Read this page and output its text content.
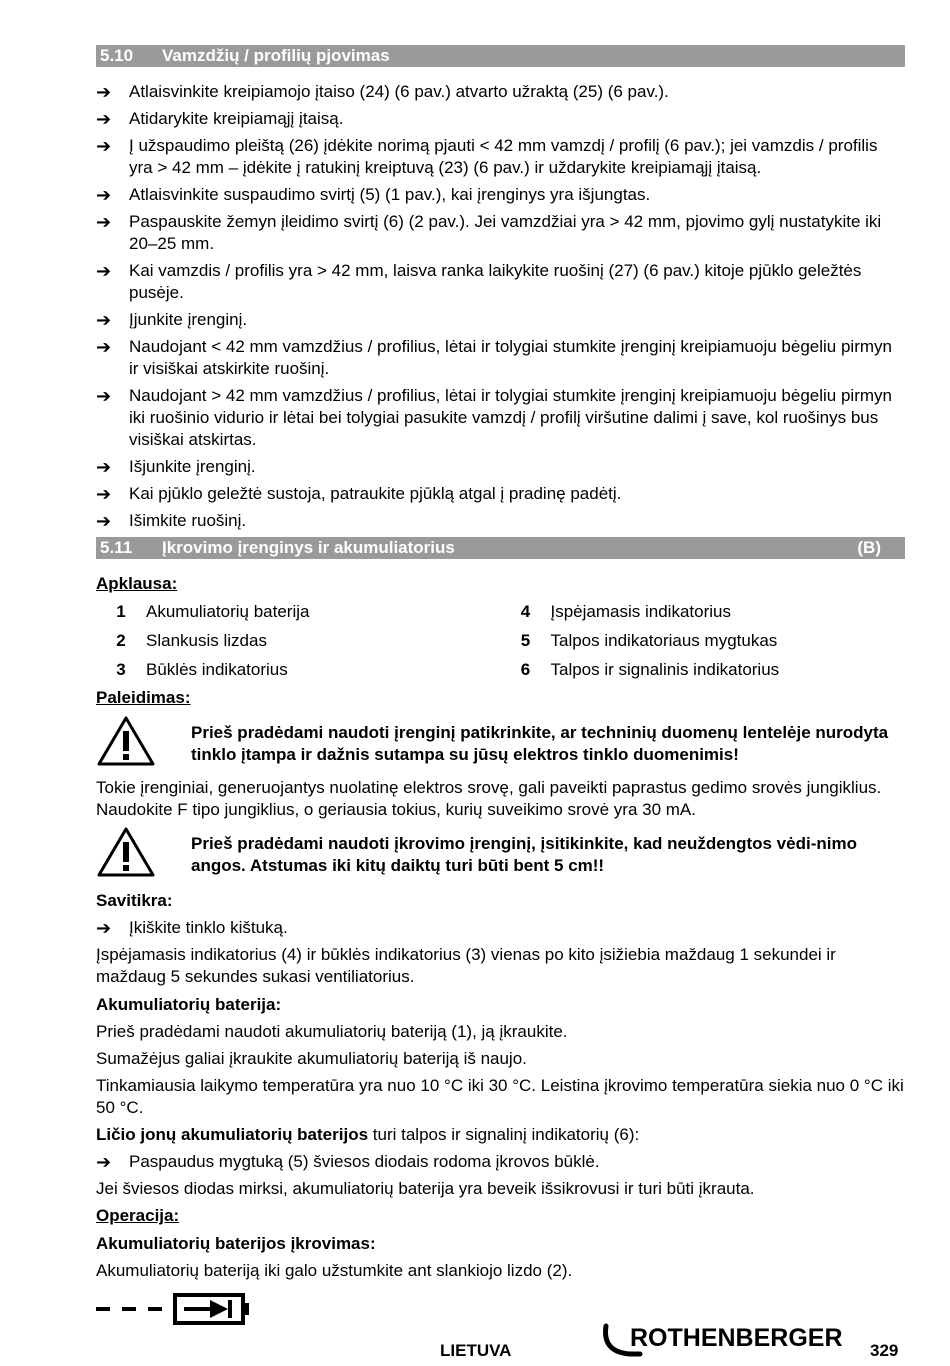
5.10	Vamzdžių / profilių pjovimas
➔	Atlaisvinkite kreipiamojo įtaiso (24) (6 pav.) atvarto užraktą (25) (6 pav.).
➔	Atidarykite kreipiamąjį įtaisą.
➔	Į užspaudimo pleištą (26) įdėkite norimą pjauti < 42 mm vamzdį / profilį (6 pav.); jei vamzdis / profilis yra > 42 mm – įdėkite į ratukinį kreiptuvą (23) (6 pav.) ir uždarykite kreipiamąjį įtaisą.
➔	Atlaisvinkite suspaudimo svirtį (5) (1 pav.), kai įrenginys yra išjungtas.
➔	Paspauskite žemyn įleidimo svirtį (6) (2 pav.). Jei vamzdžiai yra > 42 mm, pjovimo gylį nustatykite iki 20–25 mm.
➔	Kai vamzdis / profilis yra > 42 mm, laisva ranka laikykite ruošinį (27) (6 pav.) kitoje pjūklo geležtės pusėje.
➔	Įjunkite įrenginį.
➔	Naudojant < 42 mm vamzdžius / profilius, lėtai ir tolygiai stumkite įrenginį kreipiamuoju bėgeliu pirmyn ir visiškai atskirkite ruošinį.
➔	Naudojant > 42 mm vamzdžius / profilius, lėtai ir tolygiai stumkite įrenginį kreipiamuoju bėgeliu pirmyn iki ruošinio vidurio ir lėtai bei tolygiai pasukite vamzdį / profilį viršutine dalimi į save, kol ruošinys bus visiškai atskirtas.
➔	Išjunkite įrenginį.
➔	Kai pjūklo geležtė sustoja, patraukite pjūklą atgal į pradinę padėtį.
➔	Išimkite ruošinį.
5.11	Įkrovimo įrenginys ir akumuliatorius	(B)
Apklausa:
1	Akumuliatorių baterija	4	Įspėjamasis indikatorius
2	Slankusis lizdas	5	Talpos indikatoriaus mygtukas
3	Būklės indikatorius	6	Talpos ir signalinis indikatorius
Paleidimas:
Prieš pradėdami naudoti įrenginį patikrinkite, ar techninių duomenų lentelėje nurodyta tinklo įtampa ir dažnis sutampa su jūsų elektros tinklo duomenimis!

Tokie įrenginiai, generuojantys nuolatinę elektros srovę, gali paveikti paprastus gedimo srovės jungiklius. Naudokite F tipo jungiklius, o geriausia tokius, kurių suveikimo srovė yra 30 mA.

Prieš pradėdami naudoti įkrovimo įrenginį, įsitikinkite, kad neuždengtos vėdi-nimo angos. Atstumas iki kitų daiktų turi būti bent 5 cm!!
Savitikra:
➔	Įkiškite tinklo kištuką.

Įspėjamasis indikatorius (4) ir būklės indikatorius (3) vienas po kito įsižiebia maždaug 1 sekundei ir maždaug 5 sekundes sukasi ventiliatorius.

Akumuliatorių baterija:

Prieš pradėdami naudoti akumuliatorių bateriją (1), ją įkraukite.

Sumažėjus galiai įkraukite akumuliatorių bateriją iš naujo.

Tinkamiausia laikymo temperatūra yra nuo 10 °C iki 30 °C. Leistina įkrovimo temperatūra siekia nuo 0 °C iki 50 °C.

Ličio jonų akumuliatorių baterijos turi talpos ir signalinį indikatorių (6):

➔	Paspaudus mygtuką (5) šviesos diodais rodoma įkrovos būklė.

Jei šviesos diodas mirksi, akumuliatorių baterija yra beveik išsikrovusi ir turi būti įkrauta.

Operacija:
Akumuliatorių baterijos įkrovimas:

Akumuliatorių bateriją iki galo užstumkite ant slankiojo lizdo (2).

LIETUVA	ROTHENBERGER 329
